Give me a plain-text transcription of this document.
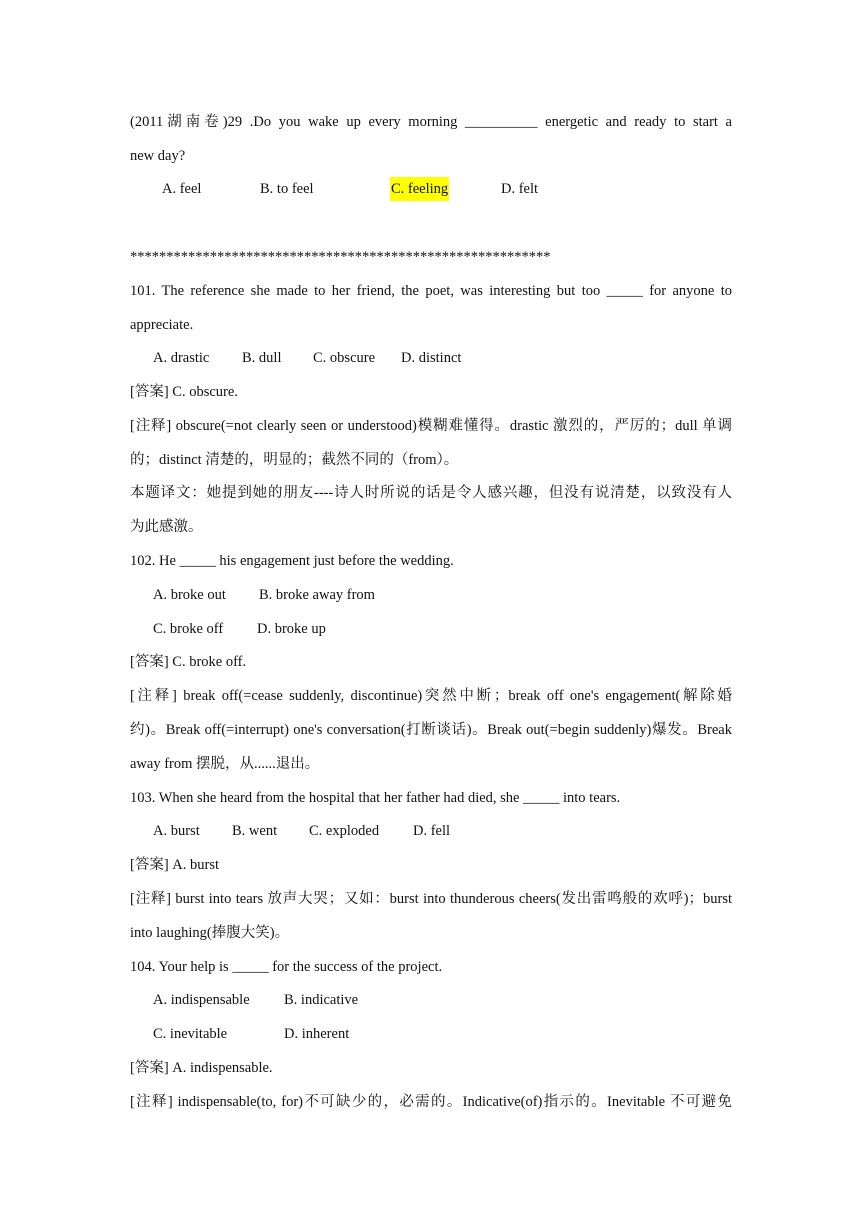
(2011湖南卷)29 .Do you wake up every morning __________ energetic and ready to start a
new day?
A. feel	B. to feel	C. feeling	D. felt
**********************************************************
101. The reference she made to her friend, the poet, was interesting but too _____ for anyone to
appreciate.
A. drastic B. dull C. obscure D. distinct
[答案] C. obscure.
[注释] obscure(=not clearly seen or understood)模糊难懂得。drastic 激烈的，严厉的；dull 单调
的；distinct 清楚的，明显的；截然不同的（from）。
本题译文：她提到她的朋友----诗人时所说的话是令人感兴趣，但没有说清楚，以致没有人
为此感激。
102. He _____ his engagement just before the wedding.
A. broke out B. broke away from
C. broke off D. broke up
[答案] C. broke off.
[注释] break off(=cease suddenly, discontinue)突然中断；break off one's engagement(解除婚
约)。Break off(=interrupt) one's conversation(打断谈话)。Break out(=begin suddenly)爆发。Break
away from 摆脱，从......退出。
103. When she heard from the hospital that her father had died, she _____ into tears.
A. burst B. went C. exploded D. fell
[答案] A. burst
[注释] burst into tears 放声大哭；又如：burst into thunderous cheers(发出雷鸣般的欢呼)；burst
into laughing(捧腹大笑)。
104. Your help is _____ for the success of the project.
A. indispensable B. indicative
C. inevitable	D. inherent
[答案] A. indispensable.
[注释] indispensable(to, for)不可缺少的，必需的。Indicative(of)指示的。Inevitable 不可避免
